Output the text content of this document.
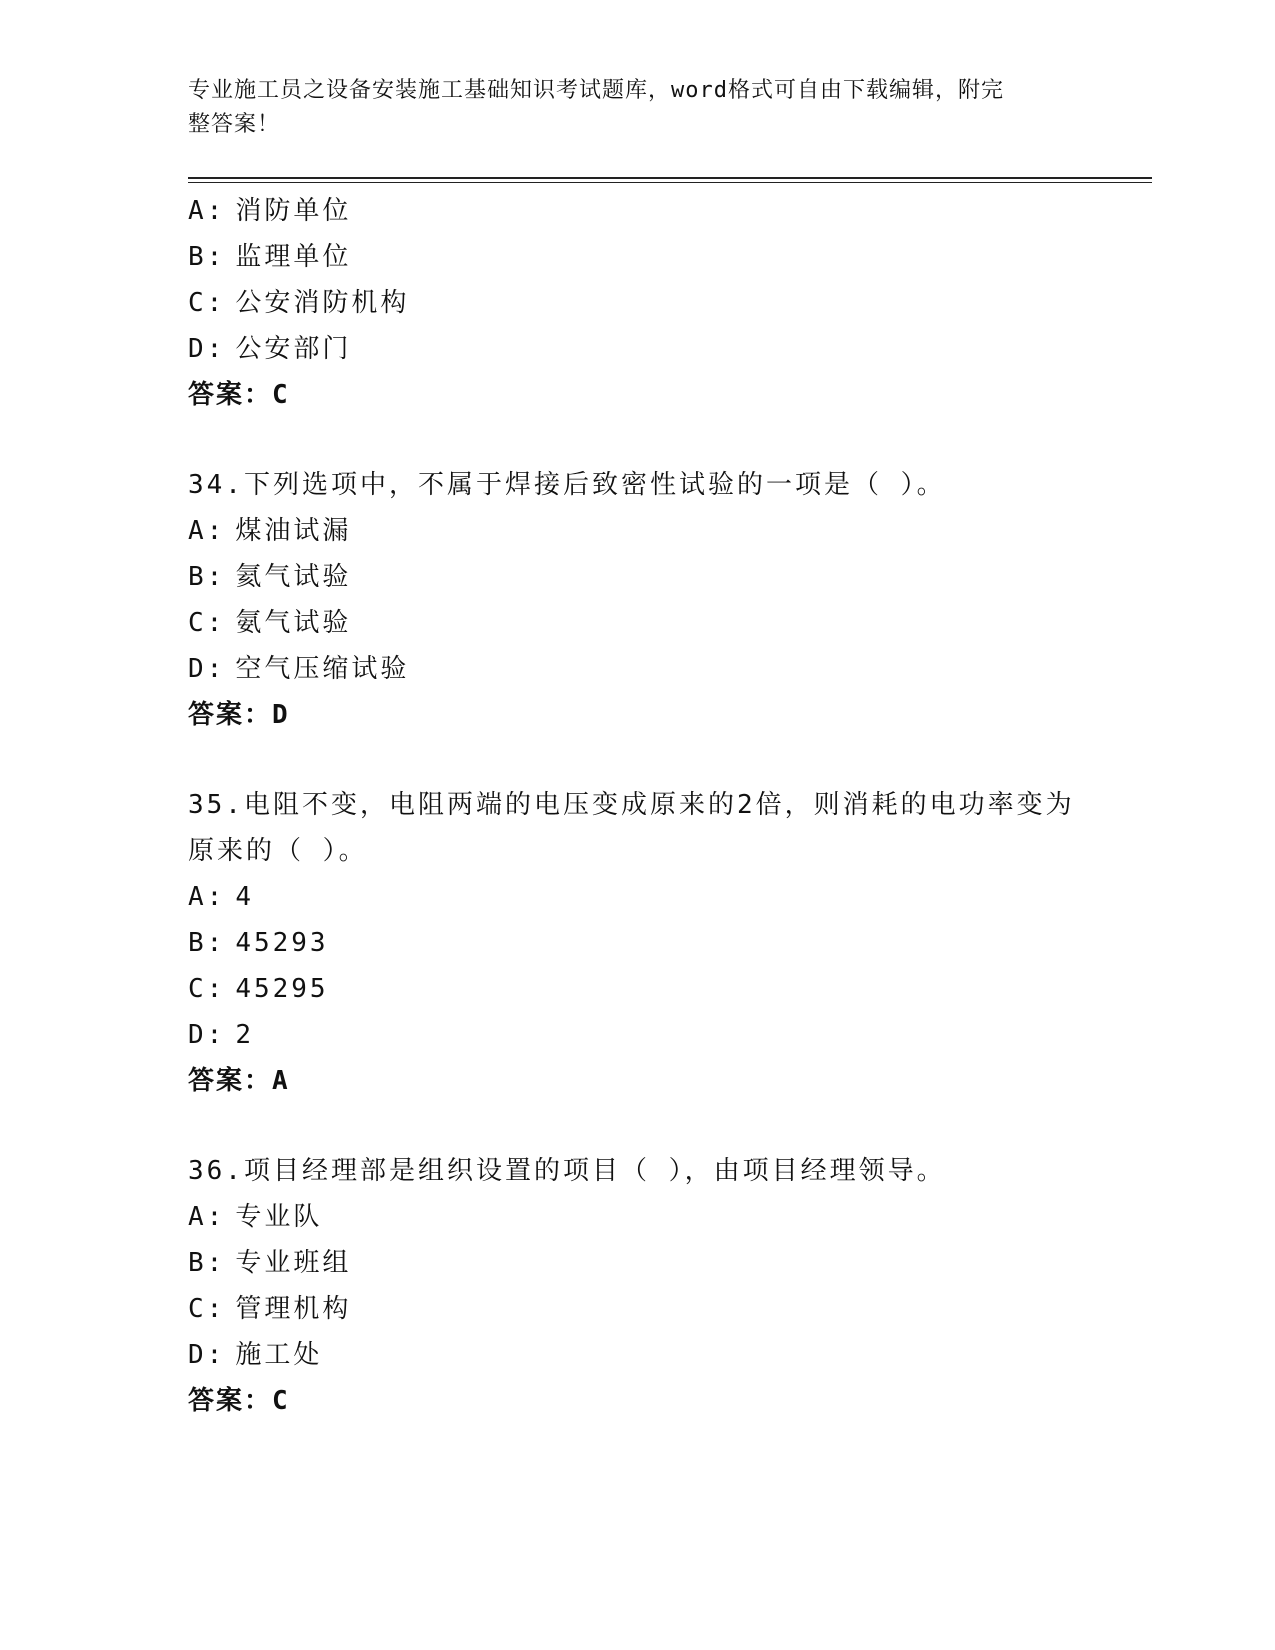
专业施工员之设备安装施工基础知识考试题库，word格式可自由下载编辑，附完
整答案！
A: 消防单位
B: 监理单位
C: 公安消防机构
D: 公安部门
答案：C
34.下列选项中，不属于焊接后致密性试验的一项是（ ）。
A: 煤油试漏
B: 氦气试验
C: 氨气试验
D: 空气压缩试验
答案：D
35.电阻不变，电阻两端的电压变成原来的2倍，则消耗的电功率变为
原来的（ ）。
A: 4
B: 45293
C: 45295
D: 2
答案：A
36.项目经理部是组织设置的项目（ ），由项目经理领导。
A: 专业队
B: 专业班组
C: 管理机构
D: 施工处
答案：C
